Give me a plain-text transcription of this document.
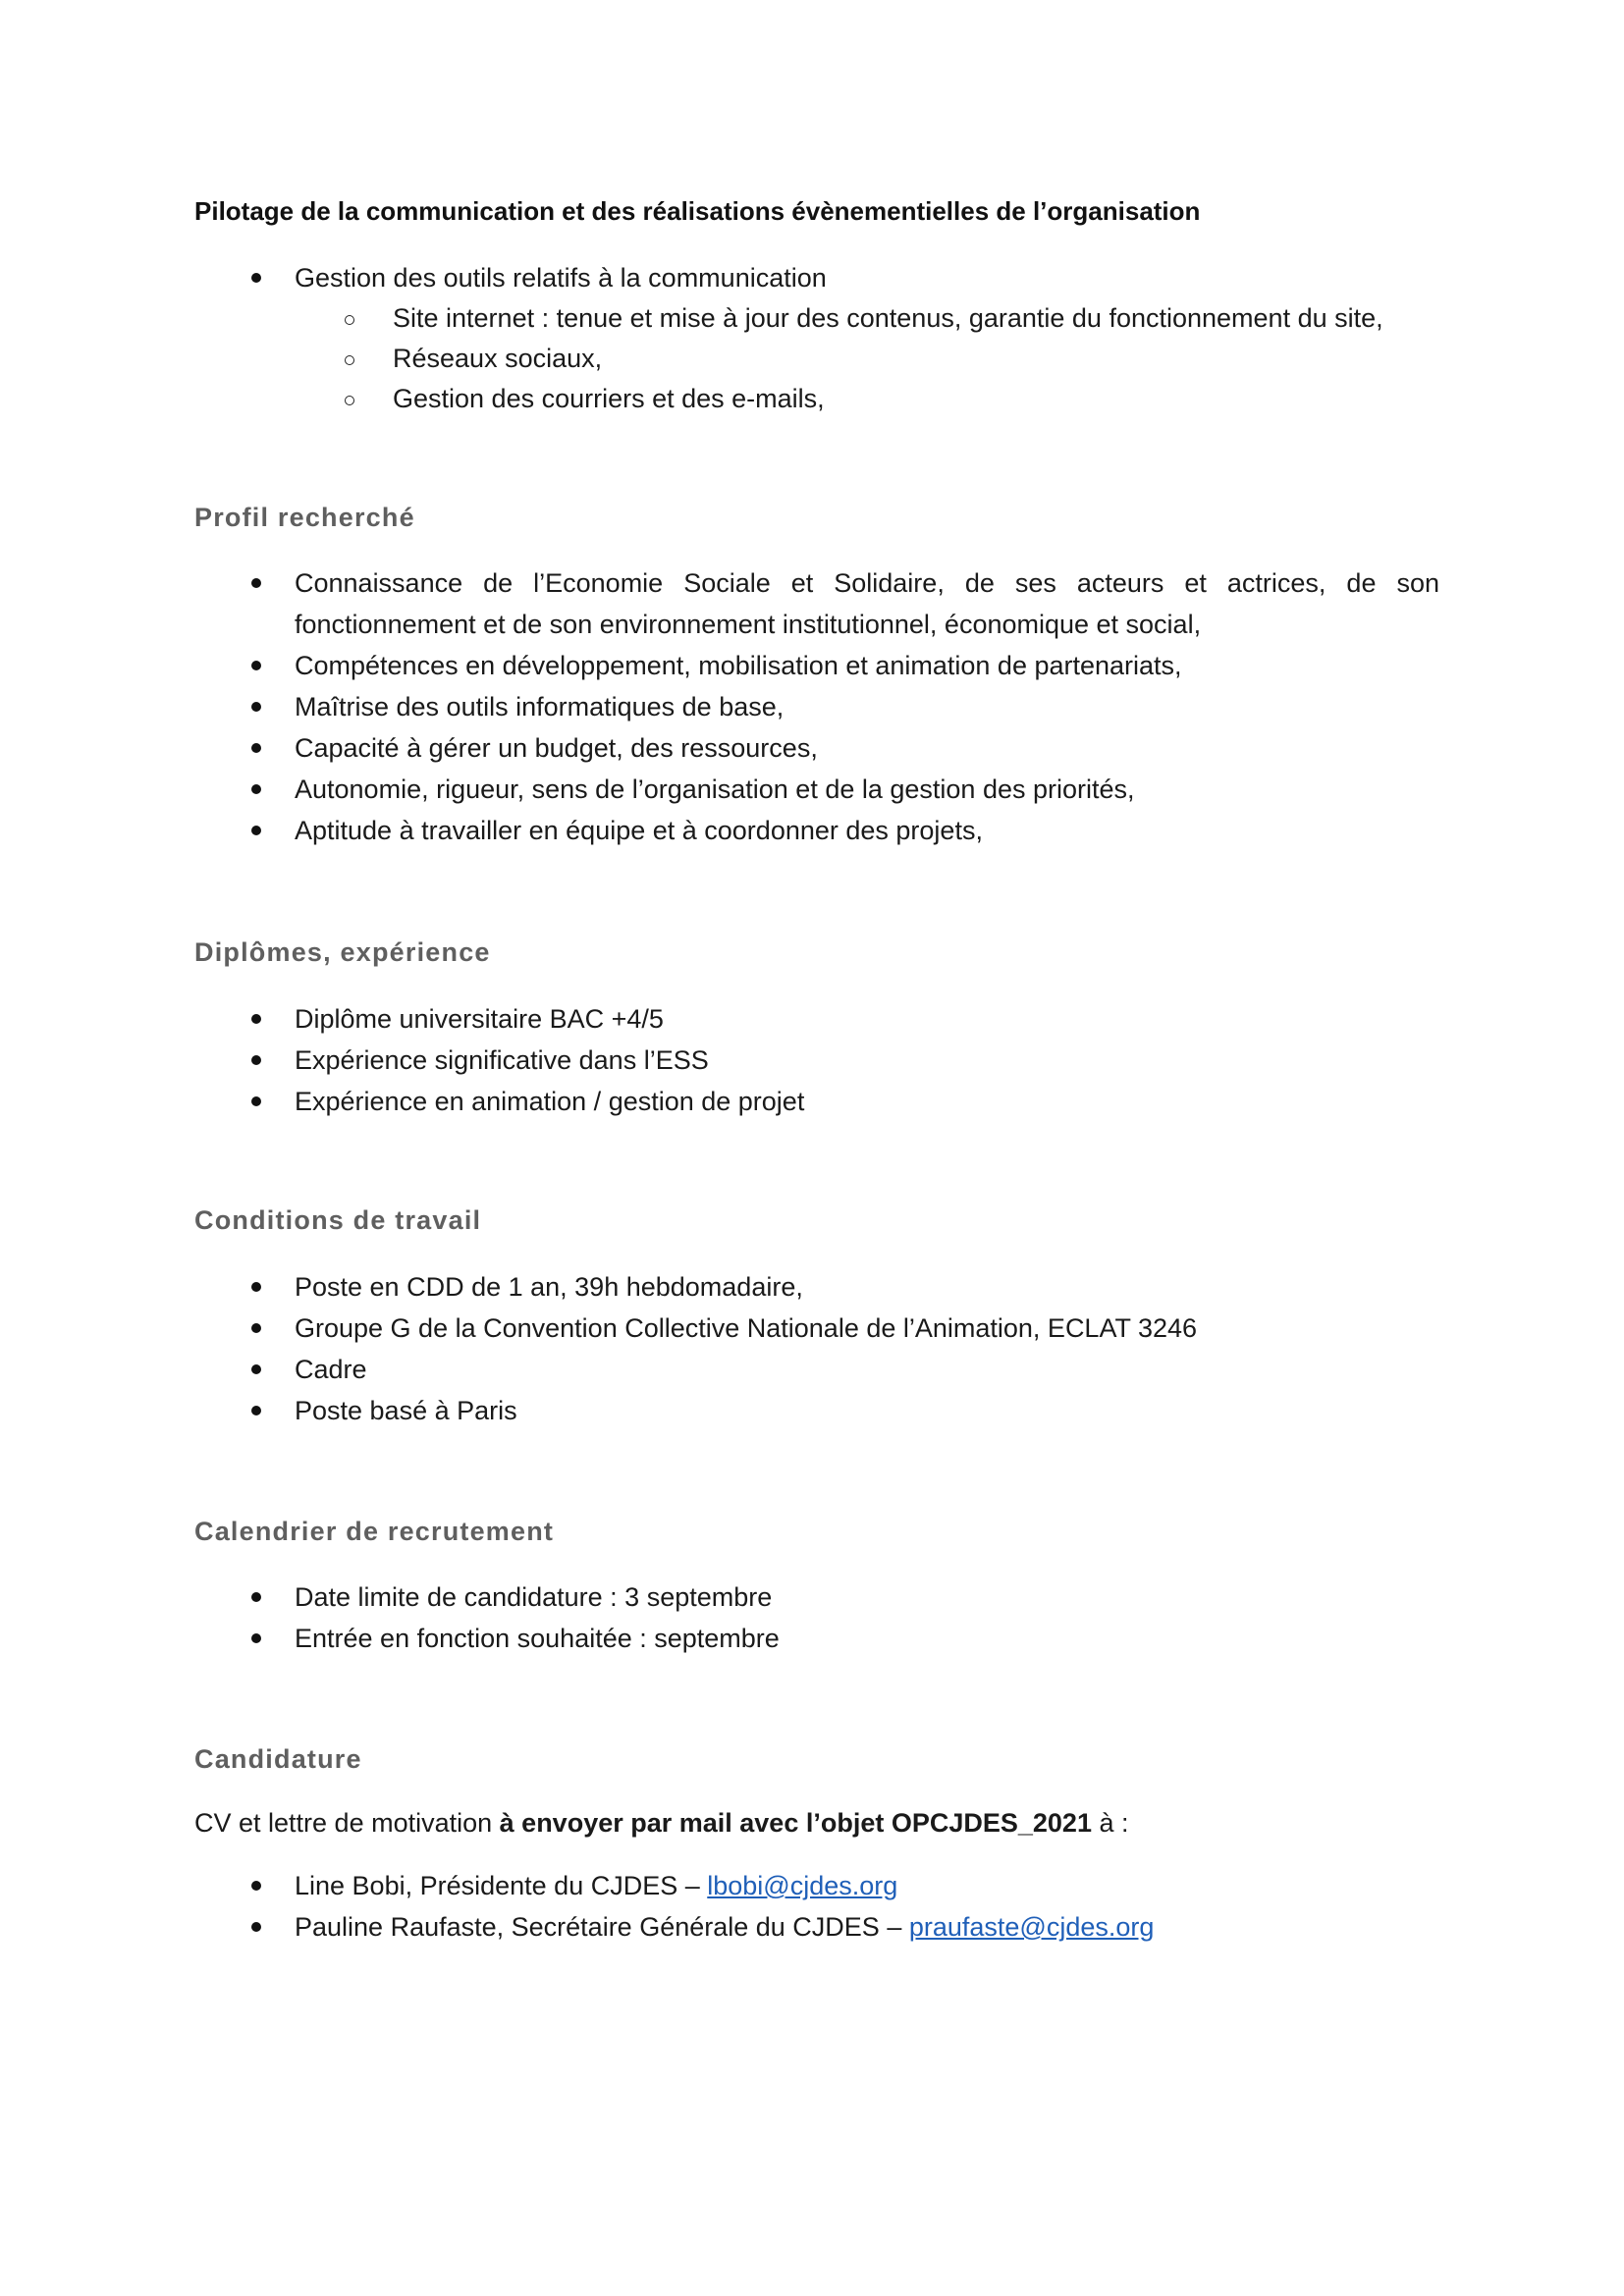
Pilotage de la communication et des réalisations évènementielles de l’organisation
Gestion des outils relatifs à la communication
Site internet : tenue et mise à jour des contenus, garantie du fonctionnement du site,
Réseaux sociaux,
Gestion des courriers et des e-mails,
Profil recherché
Connaissance de l’Economie Sociale et Solidaire, de ses acteurs et actrices, de son fonctionnement et de son environnement institutionnel, économique et social,
Compétences en développement, mobilisation et animation de partenariats,
Maîtrise des outils informatiques de base,
Capacité à gérer un budget, des ressources,
Autonomie, rigueur, sens de l’organisation et de la gestion des priorités,
Aptitude à travailler en équipe et à coordonner des projets,
Diplômes, expérience
Diplôme universitaire BAC +4/5
Expérience significative dans l’ESS
Expérience en animation / gestion de projet
Conditions de travail
Poste en CDD de 1 an, 39h hebdomadaire,
Groupe G de la Convention Collective Nationale de l’Animation, ECLAT 3246
Cadre
Poste basé à Paris
Calendrier de recrutement
Date limite de candidature : 3 septembre
Entrée en fonction souhaitée : septembre
Candidature
CV et lettre de motivation à envoyer par mail avec l’objet OPCJDES_2021 à :
Line Bobi, Présidente du CJDES – lbobi@cjdes.org
Pauline Raufaste, Secrétaire Générale du CJDES – praufaste@cjdes.org
